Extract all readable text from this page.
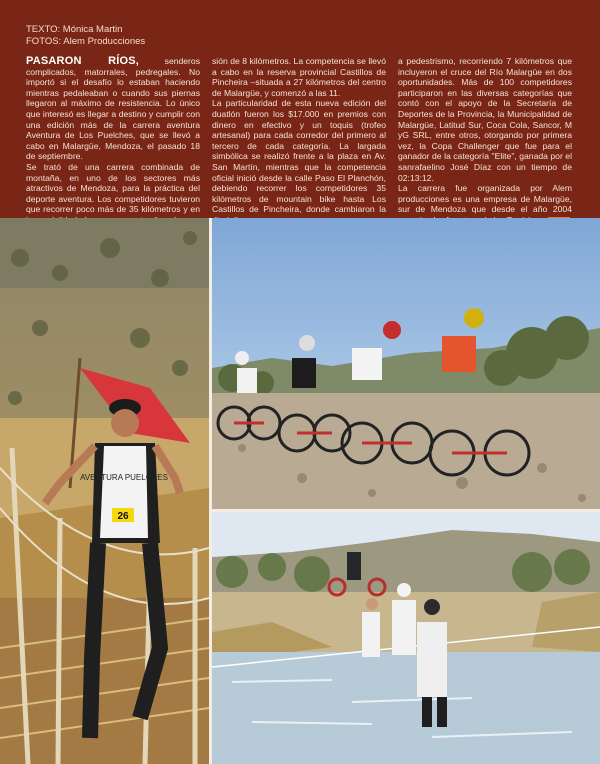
TEXTO: Mónica Martin
FOTOS: Alem Producciones

PASARON RÍOS, senderos complicados, matorrales, pedregales. No importó si el desafío lo estaban haciendo mientras pedaleaban o cuando sus piernas llegaron al máximo de resistencia. Lo único que interesó es llegar a destino y cumplir con una edición más de la carrera aventura Aventura de Los Puelches, que se llevó a cabo en Malargüe, Mendoza, el pasado 18 de septiembre.

Se trató de una carrera combinada de montaña, en uno de los sectores más atractivos de Mendoza, para la práctica del deporte aventura. Los competidores tuvieron que recorrer poco más de 35 kilómetros y en

sión de 8 kilómetros. La competencia se llevó a cabo en la reserva provincial Castillos de Pincheira –situada a 27 kilómetros del centro de Malargüe, y comenzó a las 11.

La particularidad de esta nueva edición del duatlón fueron los $17.000 en premios con dinero en efectivo y un toquis (trofeo artesanal) para cada corredor del primero al tercero de cada categoría. La largada simbólica se realizó frente a la plaza en Av. San Martín, mientras que la competencia oficial inició desde la calle Paso El Planchón, debiendo recorrer los competidores 35 kilómetros de mountain bike hasta Los Castillos de Pincheira, donde cambiaron la

a pedestrismo, recorriendo 7 kilómetros que incluyeron el cruce del Río Malargüe en dos oportunidades. Más de 100 competidores participaron en las diversas categorías que contó con el apoyo de la Secretaría de Deportes de la Provincia, la Municipalidad de Malargüe, Latitud Sur, Coca Cola, Sancor, M yG SRL, entre otros, otorgando por primera vez, la Copa Challenger que fue para el ganador de la categoría "Elite", ganada por el sanrafaelino José Díaz con un tiempo de 02:13:12.

La carrera fue organizada por Alem producciones es una empresa de Malargüe, sur de Mendoza que desde el año 2004

AVENTURA PUELCHES
26
